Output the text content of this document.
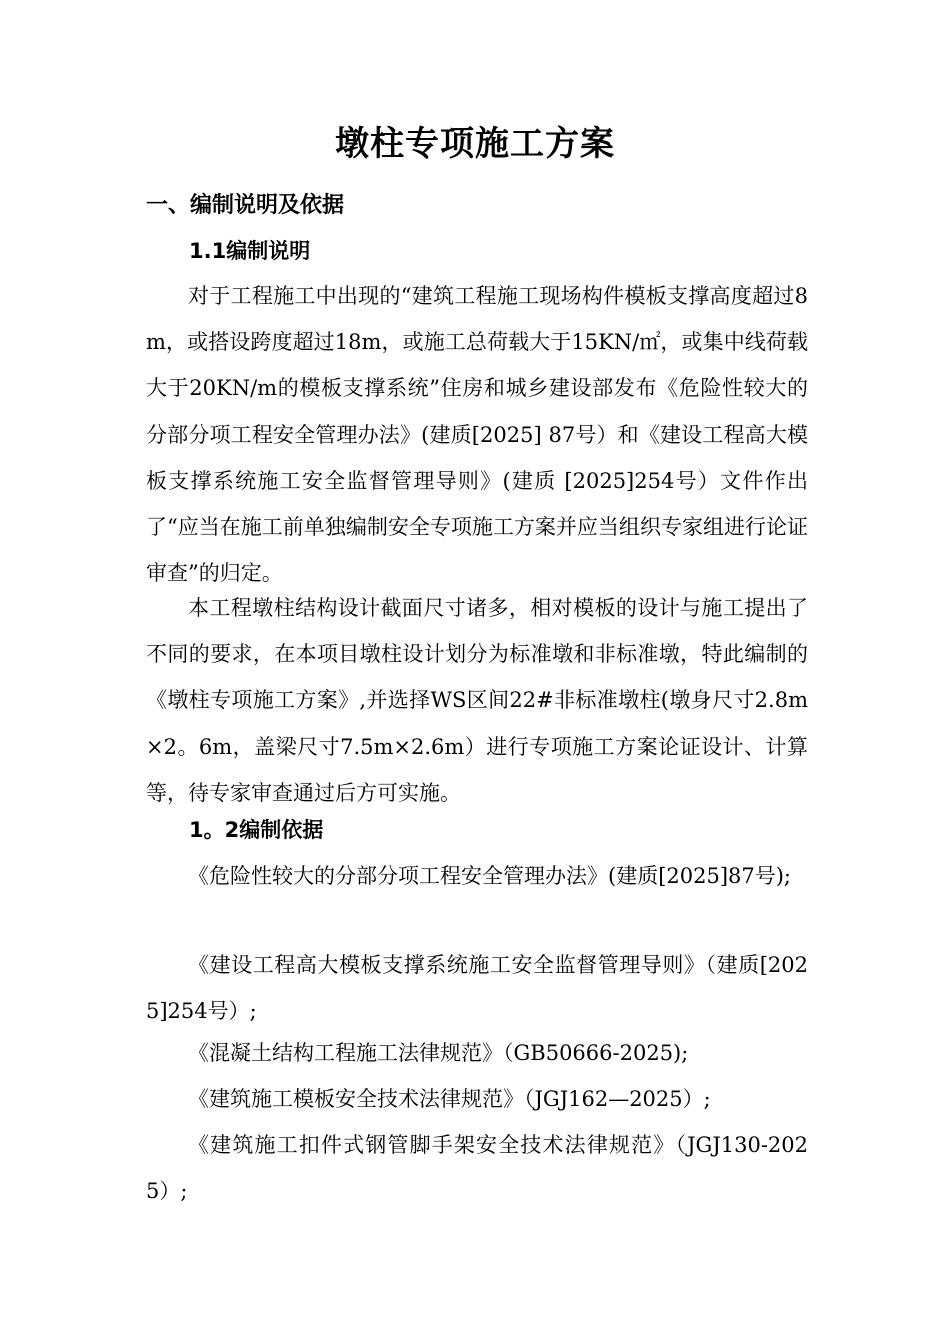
墩柱专项施工方案
一、编制说明及依据
1.1编制说明
对于工程施工中出现的“建筑工程施工现场构件模板支撑高度超过8m，或搭设跨度超过18m，或施工总荷载大于15KN/㎡，或集中线荷载大于20KN/m的模板支撑系统”住房和城乡建设部发布《危险性较大的分部分项工程安全管理办法》(建质[2025] 87号）和《建设工程高大模板支撑系统施工安全监督管理导则》(建质 [2025]254号）文件作出了“应当在施工前单独编制安全专项施工方案并应当组织专家组进行论证审查”的归定。
本工程墩柱结构设计截面尺寸诸多，相对模板的设计与施工提出了不同的要求，在本项目墩柱设计划分为标准墩和非标准墩，特此编制的《墩柱专项施工方案》,并选择WS区间22#非标准墩柱(墩身尺寸2.8m×2。6m，盖梁尺寸7.5m×2.6m）进行专项施工方案论证设计、计算等，待专家审查通过后方可实施。
1。2编制依据
《危险性较大的分部分项工程安全管理办法》(建质[2025]87号);
《建设工程高大模板支撑系统施工安全监督管理导则》（建质[2025]254号）;
《混凝土结构工程施工法律规范》（GB50666-2025);
《建筑施工模板安全技术法律规范》（JGJ162—2025）;
《建筑施工扣件式钢管脚手架安全技术法律规范》（JGJ130-2025）;
